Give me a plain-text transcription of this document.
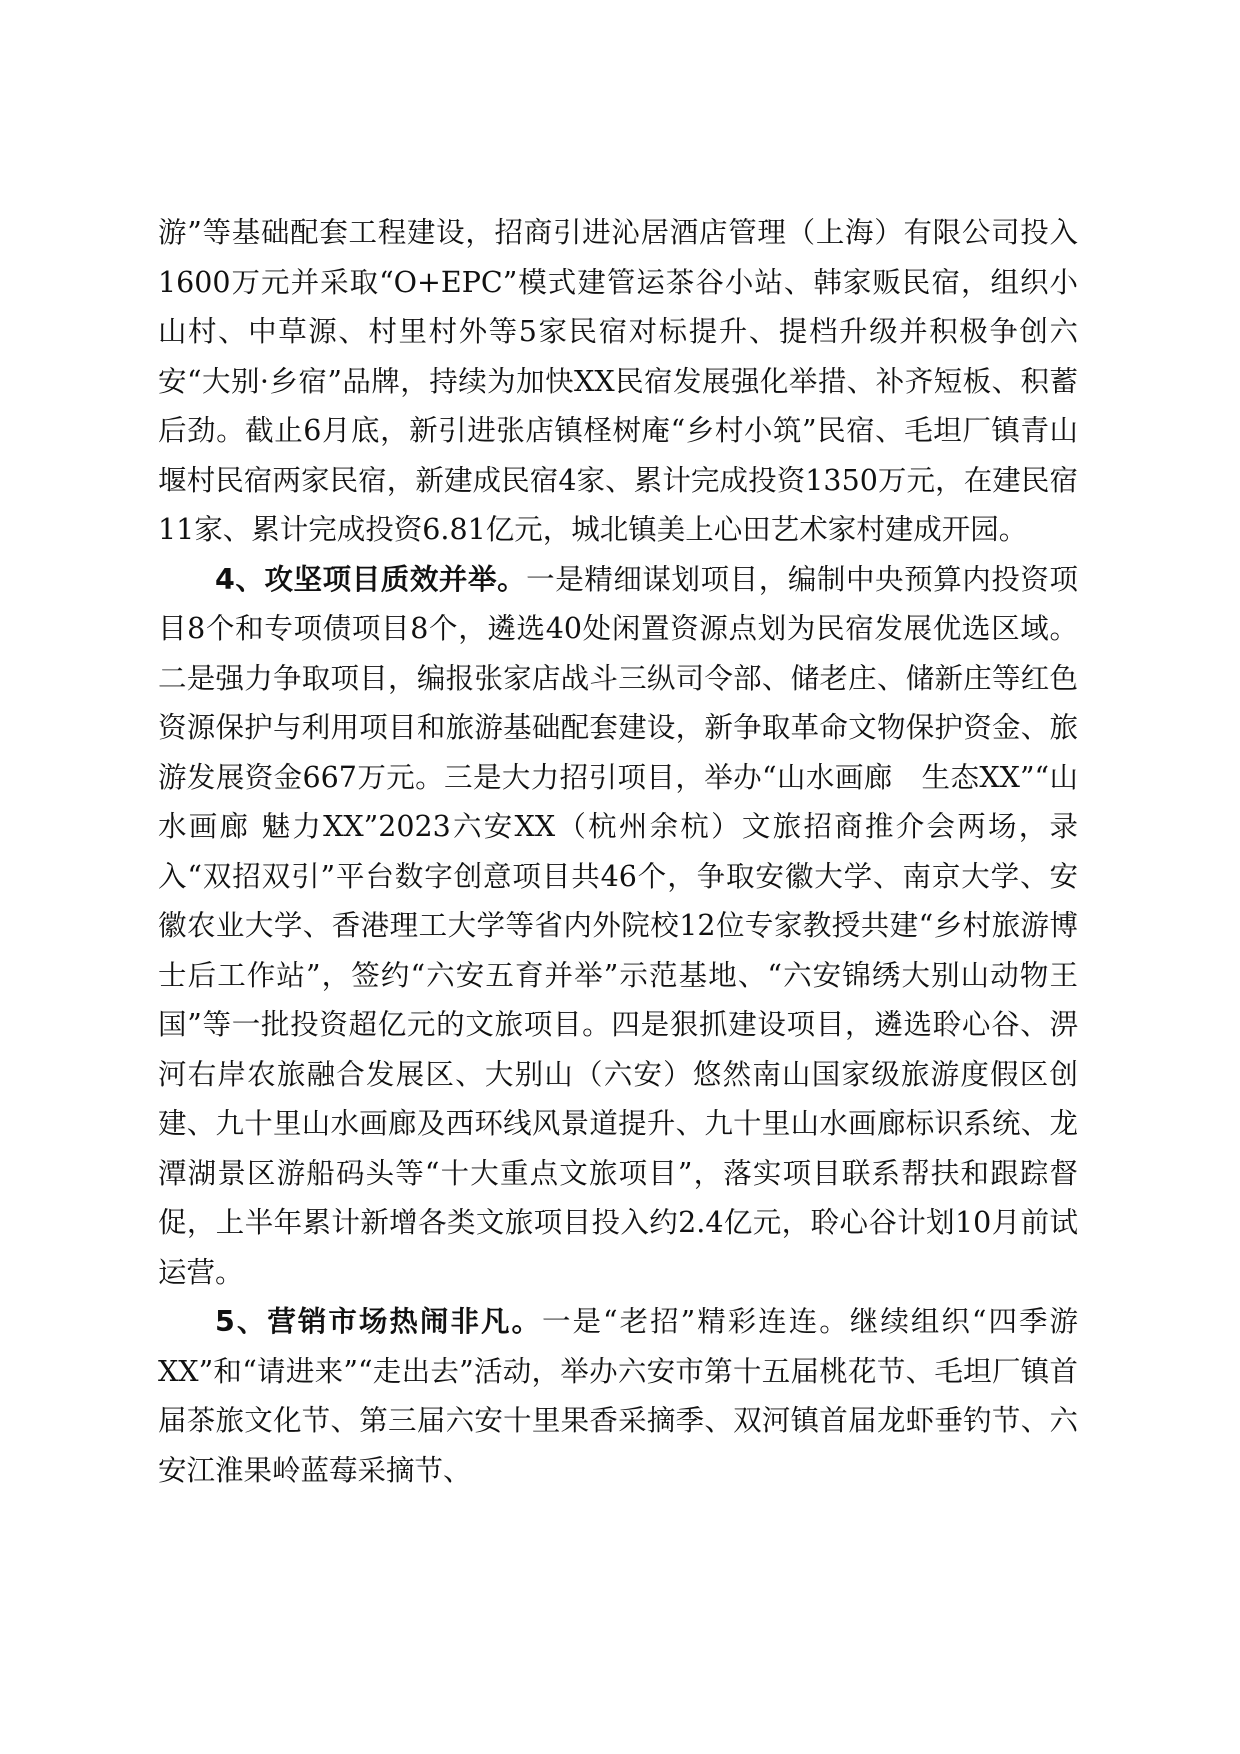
游”等基础配套工程建设，招商引进沁居酒店管理（上海）有限公司投入1600万元并采取“O+EPC”模式建管运茶谷小站、韩家贩民宿，组织小山村、中草源、村里村外等5家民宿对标提升、提档升级并积极争创六安“大别·乡宿”品牌，持续为加快XX民宿发展强化举措、补齐短板、积蓄后劲。截止6月底，新引进张店镇柽树庵“乡村小筑”民宿、毛坦厂镇青山堰村民宿两家民宿，新建成民宿4家、累计完成投资1350万元，在建民宿11家、累计完成投资6.81亿元，城北镇美上心田艺术家村建成开园。

4、攻坚项目质效并举。一是精细谋划项目，编制中央预算内投资项目8个和专项债项目8个，遴选40处闲置资源点划为民宿发展优选区域。二是强力争取项目，编报张家店战斗三纵司令部、储老庄、储新庄等红色资源保护与利用项目和旅游基础配套建设，新争取革命文物保护资金、旅游发展资金667万元。三是大力招引项目，举办“山水画廊　生态XX”“山水画廊 魅力XX”2023六安XX（杭州余杭）文旅招商推介会两场，录入“双招双引”平台数字创意项目共46个，争取安徽大学、南京大学、安徽农业大学、香港理工大学等省内外院校12位专家教授共建“乡村旅游博士后工作站”，签约“六安五育并举”示范基地、“六安锦绣大别山动物王国”等一批投资超亿元的文旅项目。四是狠抓建设项目，遴选聆心谷、淠河右岸农旅融合发展区、大别山（六安）悠然南山国家级旅游度假区创建、九十里山水画廊及西环线风景道提升、九十里山水画廊标识系统、龙潭湖景区游船码头等“十大重点文旅项目”，落实项目联系帮扶和跟踪督促，上半年累计新增各类文旅项目投入约2.4亿元，聆心谷计划10月前试运营。

5、营销市场热闹非凡。一是“老招”精彩连连。继续组织“四季游XX”和“请进来”“走出去”活动，举办六安市第十五届桃花节、毛坦厂镇首届茶旅文化节、第三届六安十里果香采摘季、双河镇首届龙虾垂钓节、六安江淮果岭蓝莓采摘节、
